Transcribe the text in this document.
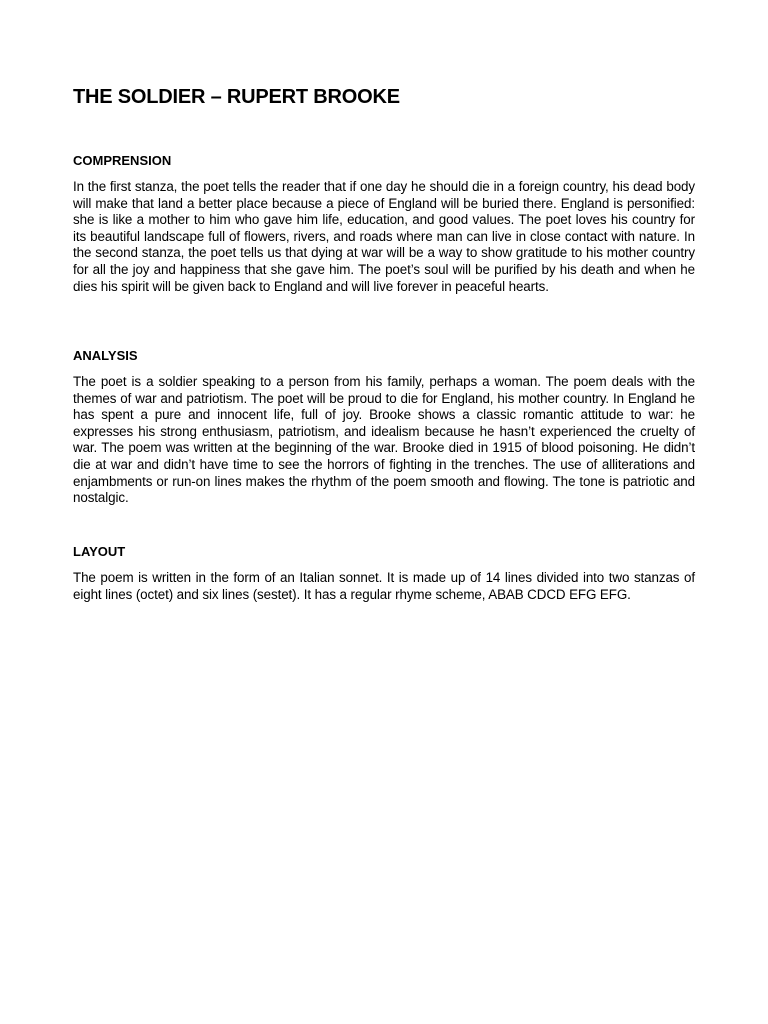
THE SOLDIER – RUPERT BROOKE
COMPRENSION

In the first stanza, the poet tells the reader that if one day he should die in a foreign country, his dead body will make that land a better place because a piece of England will be buried there. England is personified: she is like a mother to him who gave him life, education, and good values. The poet loves his country for its beautiful landscape full of flowers, rivers, and roads where man can live in close contact with nature. In the second stanza, the poet tells us that dying at war will be a way to show gratitude to his mother country for all the joy and happiness that she gave him. The poet’s soul will be purified by his death and when he dies his spirit will be given back to England and will live forever in peaceful hearts.

ANALYSIS

The poet is a soldier speaking to a person from his family, perhaps a woman. The poem deals with the themes of war and patriotism. The poet will be proud to die for England, his mother country. In England he has spent a pure and innocent life, full of joy. Brooke shows a classic romantic attitude to war: he expresses his strong enthusiasm, patriotism, and idealism because he hasn’t experienced the cruelty of war. The poem was written at the beginning of the war. Brooke died in 1915 of blood poisoning. He didn’t die at war and didn’t have time to see the horrors of fighting in the trenches. The use of alliterations and enjambments or run-on lines makes the rhythm of the poem smooth and flowing. The tone is patriotic and nostalgic.

LAYOUT

The poem is written in the form of an Italian sonnet. It is made up of 14 lines divided into two stanzas of eight lines (octet) and six lines (sestet). It has a regular rhyme scheme, ABAB CDCD EFG EFG.
